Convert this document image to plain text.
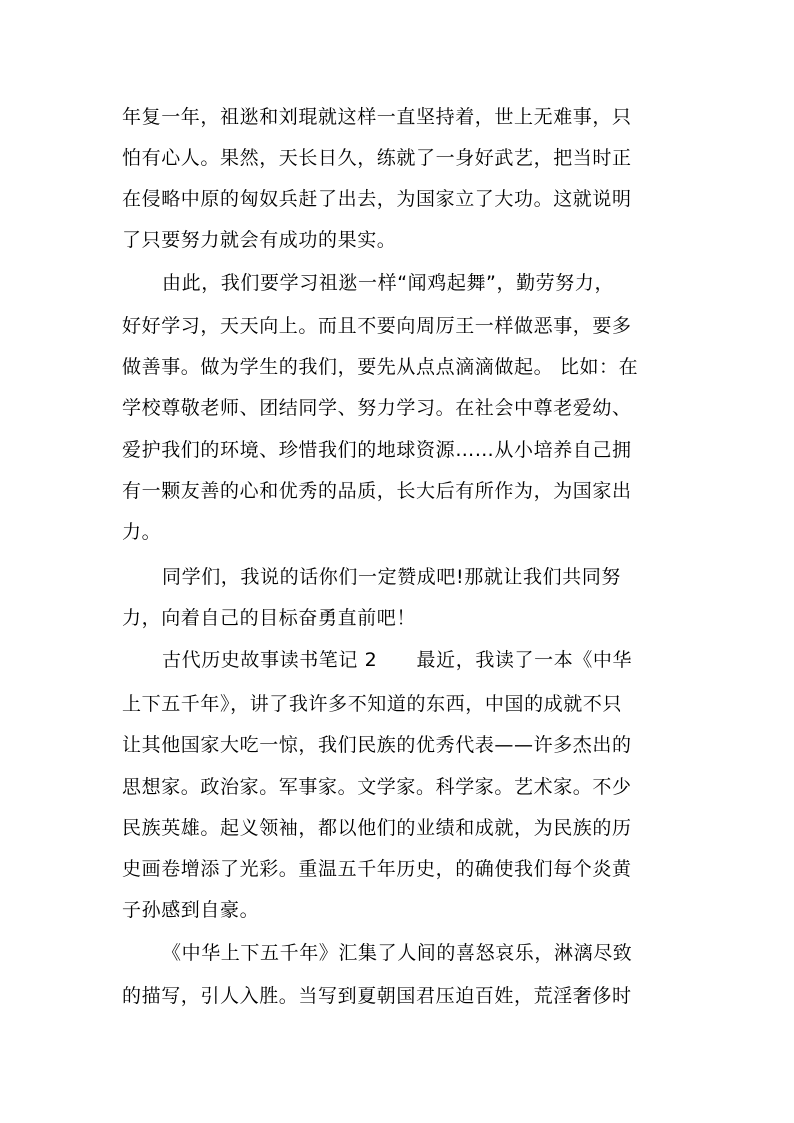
年复一年，祖逖和刘琨就这样一直坚持着，世上无难事，只
怕有心人。果然，天长日久，练就了一身好武艺，把当时正
在侵略中原的匈奴兵赶了出去，为国家立了大功。这就说明
了只要努力就会有成功的果实。
由此，我们要学习祖逖一样“闻鸡起舞”，勤劳努力，
好好学习，天天向上。而且不要向周厉王一样做恶事，要多
做善事。做为学生的我们，要先从点点滴滴做起。 比如：在
学校尊敬老师、团结同学、努力学习。在社会中尊老爱幼、
爱护我们的环境、珍惜我们的地球资源……从小培养自己拥
有一颗友善的心和优秀的品质，长大后有所作为，为国家出
力。
同学们，我说的话你们一定赞成吧!那就让我们共同努
力，向着自己的目标奋勇直前吧！
古代历史故事读书笔记 2　　最近，我读了一本《中华
上下五千年》，讲了我许多不知道的东西，中国的成就不只
让其他国家大吃一惊，我们民族的优秀代表——许多杰出的
思想家。政治家。军事家。文学家。科学家。艺术家。不少
民族英雄。起义领袖，都以他们的业绩和成就，为民族的历
史画卷增添了光彩。重温五千年历史，的确使我们每个炎黄
子孙感到自豪。
《中华上下五千年》汇集了人间的喜怒哀乐，淋漓尽致
的描写，引人入胜。当写到夏朝国君压迫百姓，荒淫奢侈时
